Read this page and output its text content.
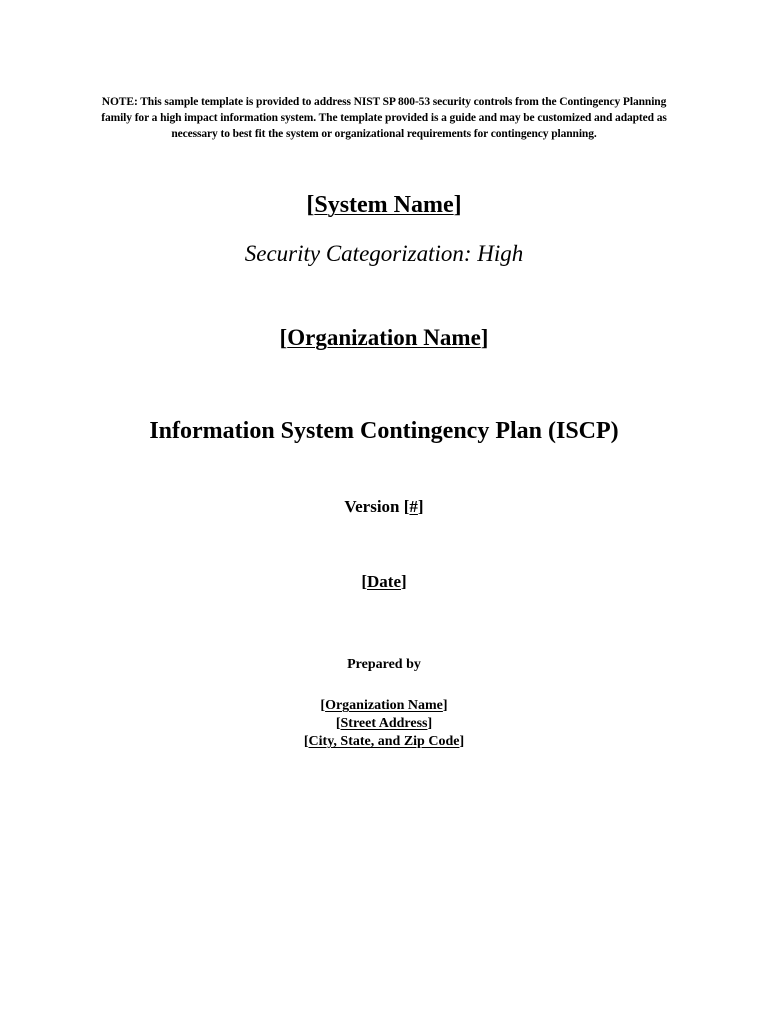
NOTE: This sample template is provided to address NIST SP 800-53 security controls from the Contingency Planning family for a high impact information system. The template provided is a guide and may be customized and adapted as necessary to best fit the system or organizational requirements for contingency planning.
[System Name]
Security Categorization: High
[Organization Name]
Information System Contingency Plan (ISCP)
Version [#]
[Date]
Prepared by
[Organization Name]
[Street Address]
[City, State, and Zip Code]
